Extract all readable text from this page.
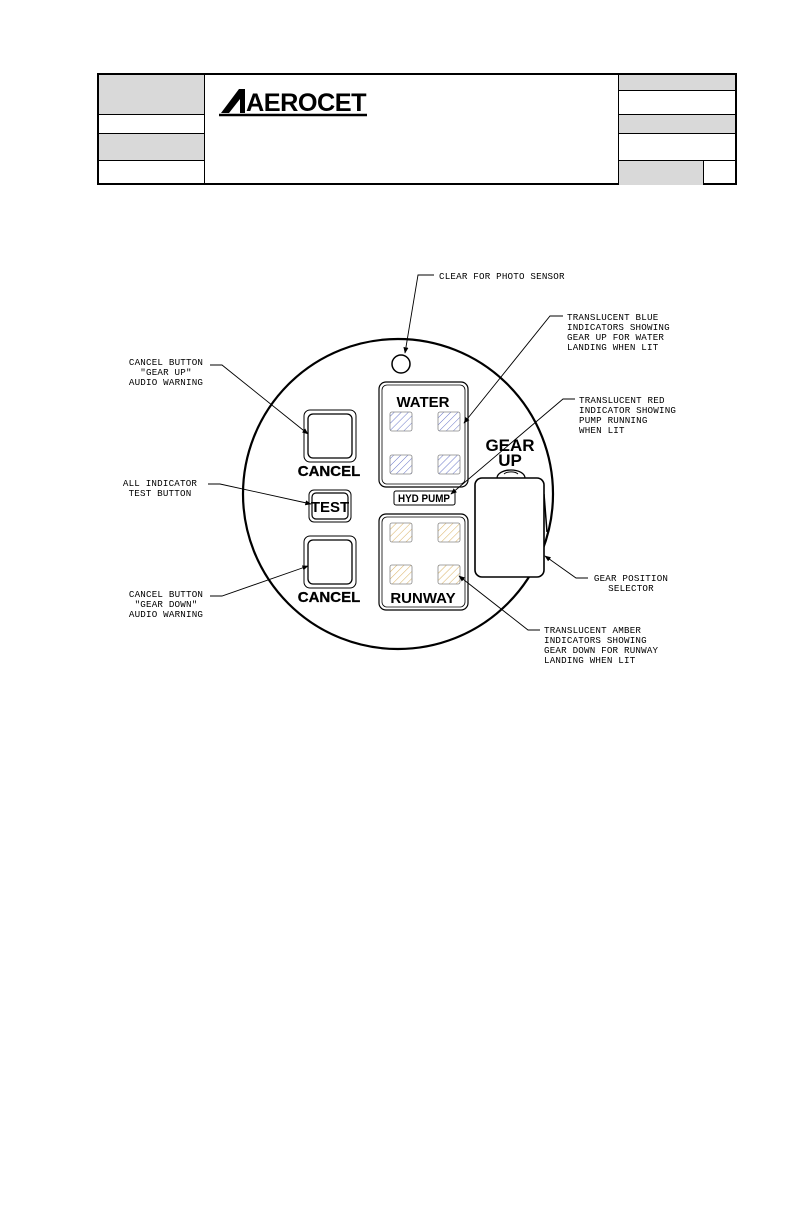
AEROCET
WATER
GEAR
UP
HYD PUMP
RUNWAY
CANCEL
TEST
CANCEL
CLEAR FOR PHOTO SENSOR
TRANSLUCENT BLUE
INDICATORS SHOWING
GEAR UP FOR WATER
LANDING WHEN LIT
TRANSLUCENT RED
INDICATOR SHOWING
PUMP RUNNING
WHEN LIT
CANCEL BUTTON
"GEAR UP"
AUDIO WARNING
ALL INDICATOR
TEST BUTTON
CANCEL BUTTON
"GEAR DOWN"
AUDIO WARNING
GEAR POSITION
SELECTOR
TRANSLUCENT AMBER
INDICATORS SHOWING
GEAR DOWN FOR RUNWAY
LANDING WHEN LIT
